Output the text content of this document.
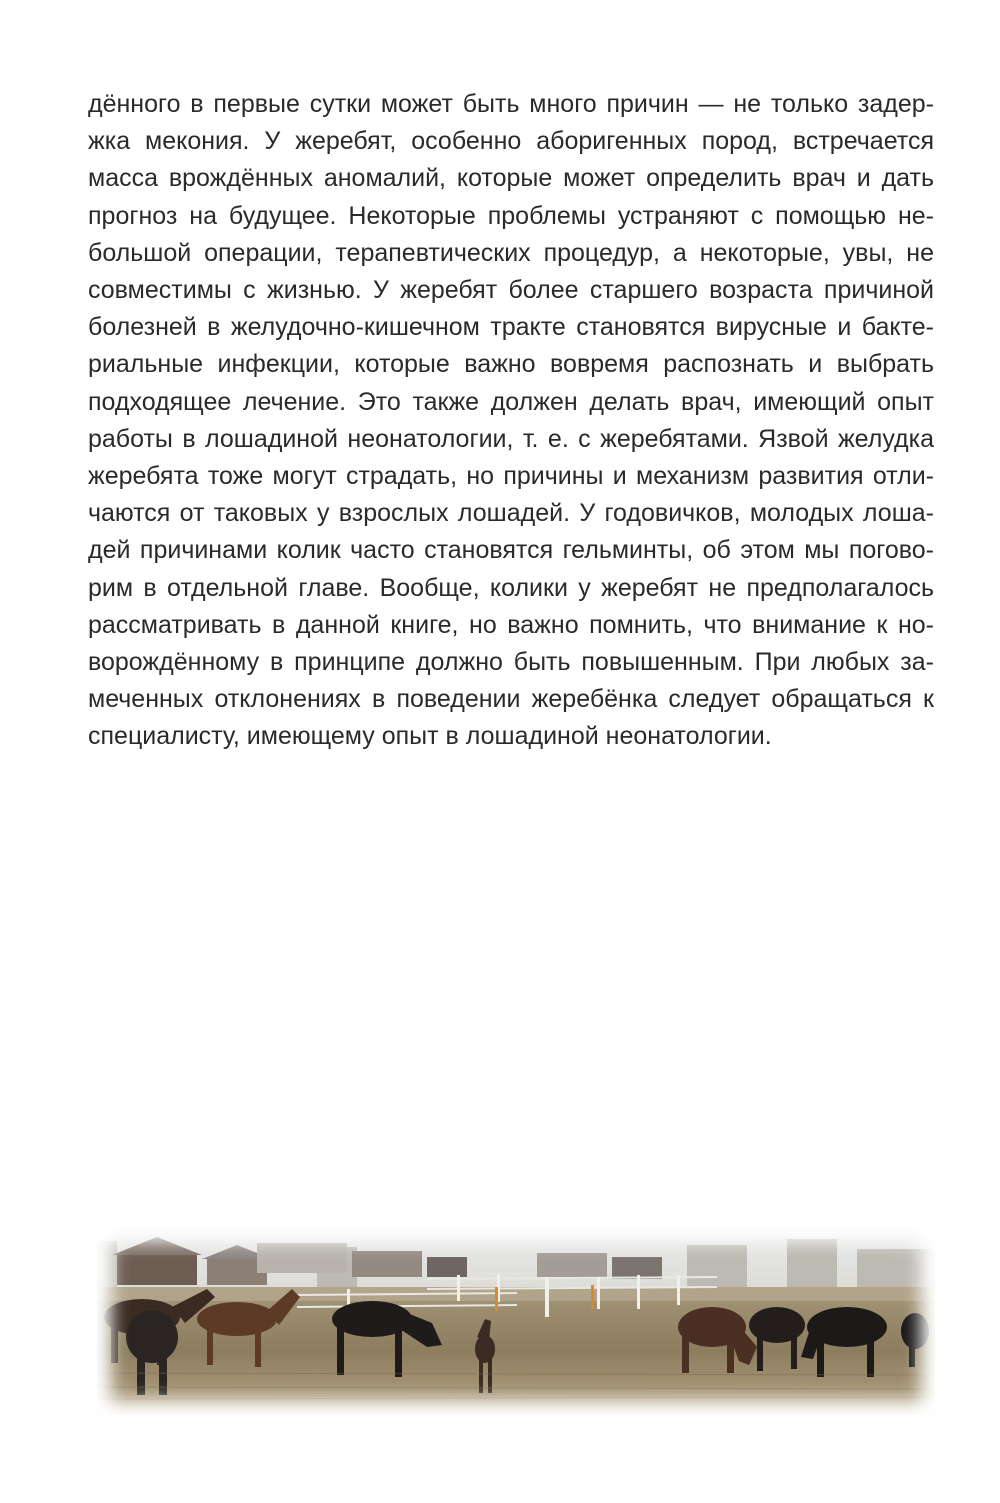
дённого в первые сутки может быть много причин — не только задер-
жка мекония. У жеребят, особенно аборигенных пород, встречается
масса врождённых аномалий, которые может определить врач и дать
прогноз на будущее. Некоторые проблемы устраняют с помощью не-
большой операции, терапевтических процедур, а некоторые, увы, не
совместимы с жизнью. У жеребят более старшего возраста причиной
болезней в желудочно-кишечном тракте становятся вирусные и бакте-
риальные инфекции, которые важно вовремя распознать и выбрать
подходящее лечение. Это также должен делать врач, имеющий опыт
работы в лошадиной неонатологии, т. е. с жеребятами. Язвой желудка
жеребята тоже могут страдать, но причины и механизм развития отли-
чаются от таковых у взрослых лошадей. У годовичков, молодых лоша-
дей причинами колик часто становятся гельминты, об этом мы погово-
рим в отдельной главе. Вообще, колики у жеребят не предполагалось
рассматривать в данной книге, но важно помнить, что внимание к но-
ворождённому в принципе должно быть повышенным. При любых за-
меченных отклонениях в поведении жеребёнка следует обращаться к
специалисту, имеющему опыт в лошадиной неонатологии.
